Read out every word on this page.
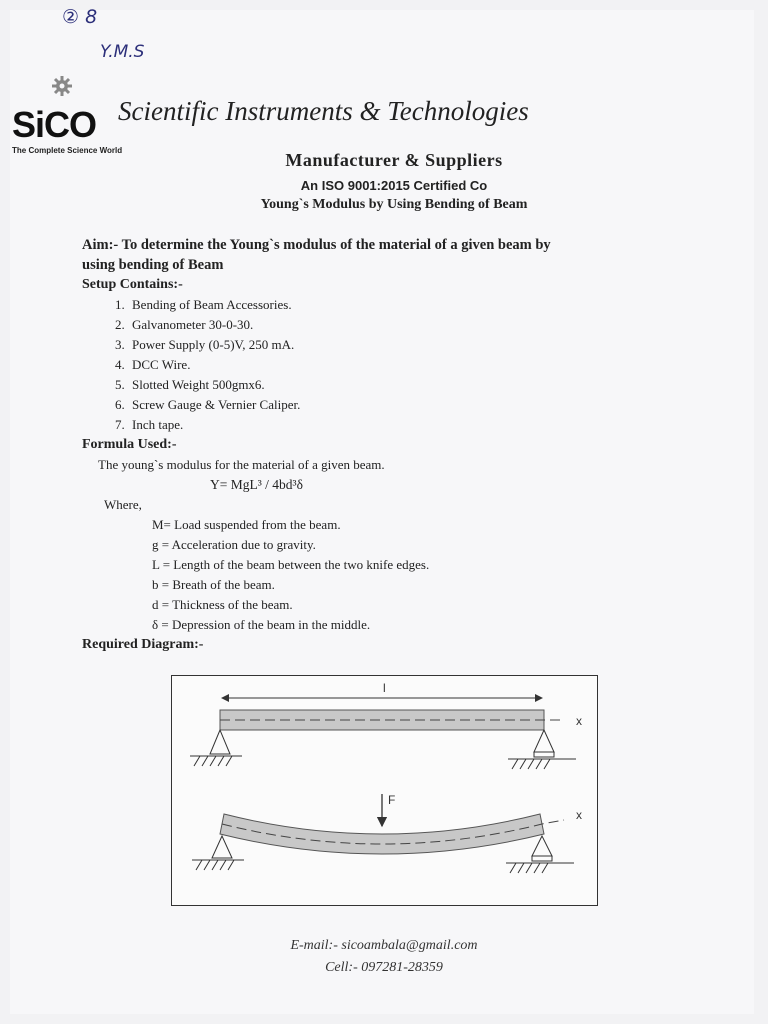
② 8
Y.M.S
SiCO
The Complete Science World
Scientific Instruments & Technologies
Manufacturer & Suppliers
An ISO 9001:2015 Certified Co
Young`s Modulus by Using Bending of Beam
Aim:- To determine the Young`s modulus of the material of a given beam by
using bending of Beam
Setup Contains:-
1. Bending of Beam Accessories.
2. Galvanometer 30-0-30.
3. Power Supply (0-5)V, 250 mA.
4. DCC Wire.
5. Slotted Weight 500gmx6.
6. Screw Gauge & Vernier Caliper.
7. Inch tape.
Formula Used:-
The young`s modulus for the material of a given beam.
Y= MgL³ / 4bd³δ
Where,
M= Load suspended from the beam.
g = Acceleration due to gravity.
L = Length of the beam between the two knife edges.
b = Breath of the beam.
d = Thickness of the beam.
δ = Depression of the beam in the middle.
Required Diagram:-
l
x
F
x
E-mail:- sicoambala@gmail.com
Cell:- 097281-28359
